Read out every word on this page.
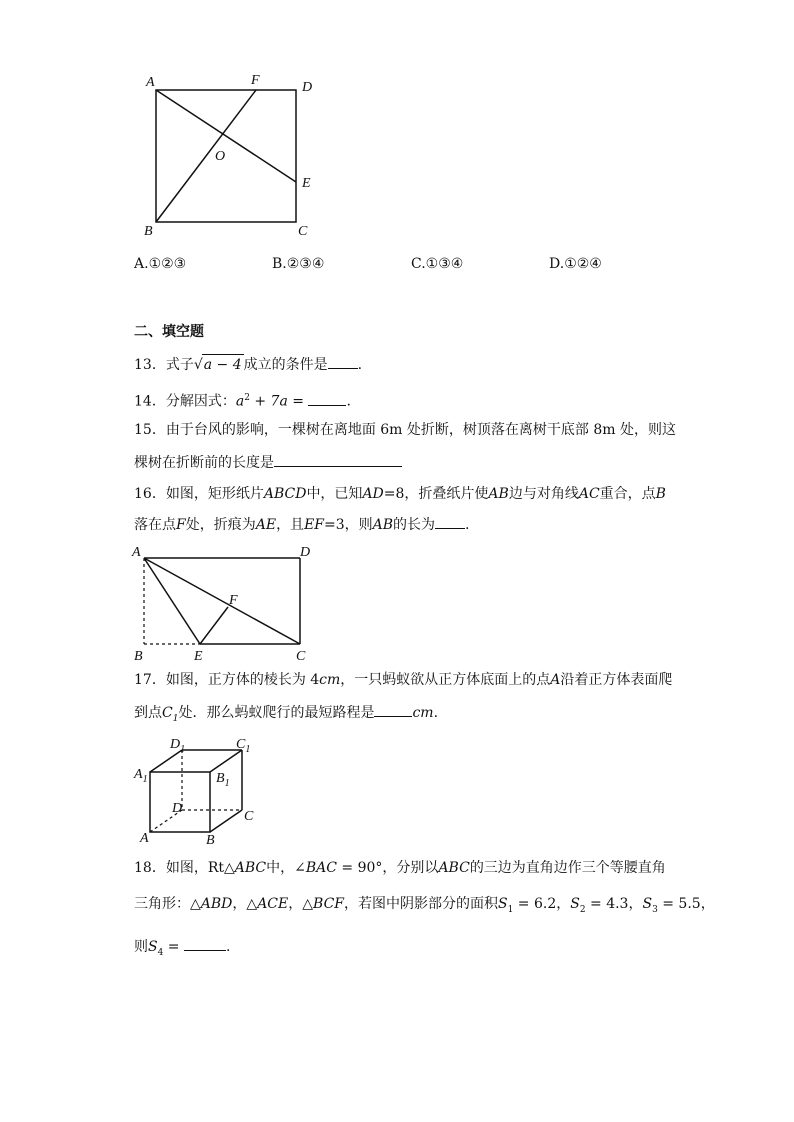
A	F	D
O
E
B	C
A.①②③	B.②③④	C.①③④	D.①②④
二、填空题
13．式子√a − 4 成立的条件是 .
14．分解因式：$a^2 + 7a$ =	.
15．由于台风的影响，一棵树在离地面 6m 处折断，树顶落在离树干底部 8m 处，则这
棵树在折断前的长度是
16．如图，矩形纸片ABCD中，已知AD=8，折叠纸片使AB边与对角线AC重合，点B
落在点F处，折痕为AE，且EF=3，则AB的长为 .
A	D
F
B	E	C
17．如图，正方体的棱长为 4cm，一只蚂蚁欲从正方体底面上的点A沿着正方体表面爬
到点$C_1$处．那么蚂蚁爬行的最短路程是	cm.
$D_1$	$C_1$
$A_1$	$B_1$
D
C
A	B
18．如图，Rt△ABC中，∠BAC = 90°，分别以ABC的三边为直角边作三个等腰直角
三角形：△ABD，△ACE，△BCF，若图中阴影部分的面积$S_1 = 6.2$，$S_2 = 4.3$，$S_3 = 5.5$，
则$S_4$ =	.
